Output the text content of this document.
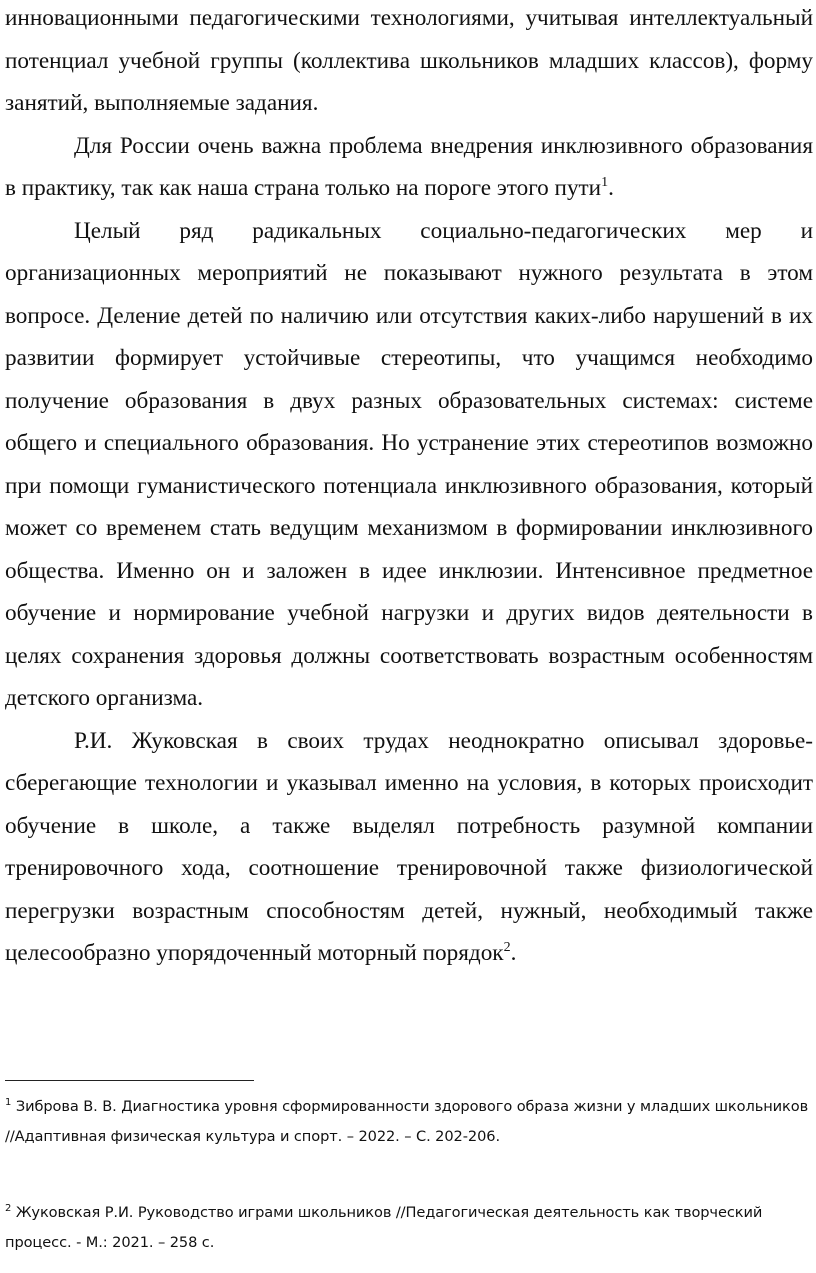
инновационными педагогическими технологиями, учитывая интеллектуальный потенциал учебной группы (коллектива школьников младших классов), форму занятий, выполняемые задания.

Для России очень важна проблема внедрения инклюзивного образования в практику, так как наша страна только на пороге этого пути$^1$.

Целый ряд радикальных социально-педагогических мер и организационных мероприятий не показывают нужного результата в этом вопросе. Деление детей по наличию или отсутствия каких-либо нарушений в их развитии формирует устойчивые стереотипы, что учащимся необходимо получение образования в двух разных образовательных системах: системе общего и специального образования. Но устранение этих стереотипов возможно при помощи гуманистического потенциала инклюзивного образования, который может со временем стать ведущим механизмом в формировании инклюзивного общества. Именно он и заложен в идее инклюзии. Интенсивное предметное обучение и нормирование учебной нагрузки и других видов деятельности в целях сохранения здоровья должны соответствовать возрастным особенностям детского организма.

Р.И. Жуковская в своих трудах неоднократно описывал здоровье-сберегающие технологии и указывал именно на условия, в которых происходит обучение в школе, а также выделял потребность разумной компании тренировочного хода, соотношение тренировочной также физиологической перегрузки возрастным способностям детей, нужный, необходимый также целесообразно упорядоченный моторный порядок$^2$.

$^1$ Зиброва В. В. Диагностика уровня сформированности здорового образа жизни у младших школьников //Адаптивная физическая культура и спорт. – 2022. – С. 202-206.
$^2$ Жуковская Р.И. Руководство играми школьников //Педагогическая деятельность как творческий процесс. - М.: 2021. – 258 с.
